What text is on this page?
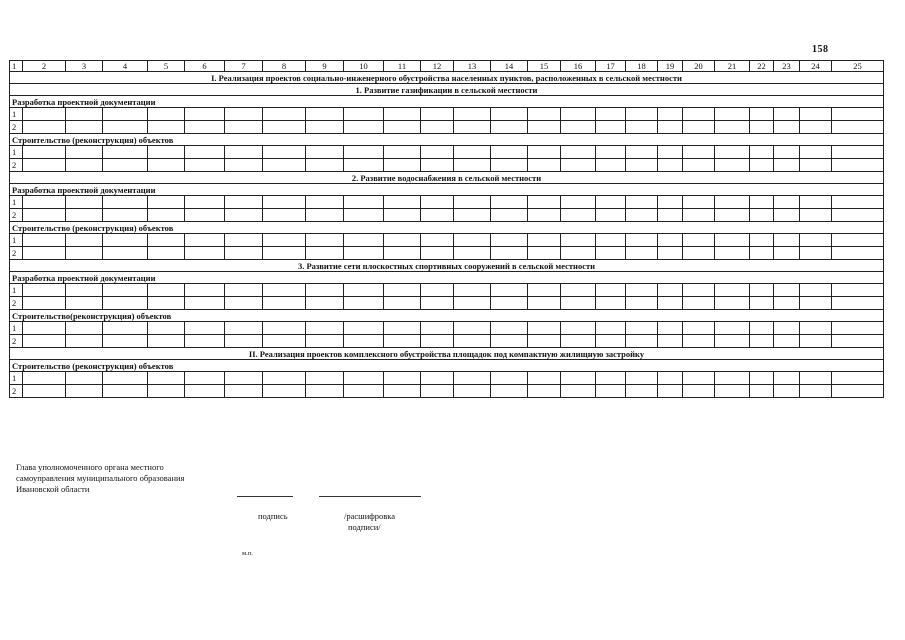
158
1	2	3	4	5	6	7	8	9	10	11	12	13	14	15	16	17	18	19	20	21	22	23	24	25
I. Реализация проектов социально-инженерного обустройства населенных пунктов, расположенных в сельской местности																								
1. Развитие газификации в сельской местности																								
Разработка проектной документации																								
1																								
2																								
Строительство (реконструкция) объектов																								
1																								
2																								
2. Развитие водоснабжения в сельской местности																								
Разработка проектной документации																								
1																								
2																								
Строительство (реконструкция) объектов																								
1																								
2																								
3. Развитие сети плоскостных спортивных сооружений в сельской местности																								
Разработка проектной документации																								
1																								
2																								
Строительство(реконструкция) объектов																								
1																								
2																								
II. Реализация проектов комплексного обустройства площадок под компактную жилищную застройку																								
Строительство (реконструкция) объектов																								
1																								
2																								
Глава уполномоченного органа местного
самоуправления муниципального образования
Ивановской области
подпись	/расшифровка
подписи/
м.п.
